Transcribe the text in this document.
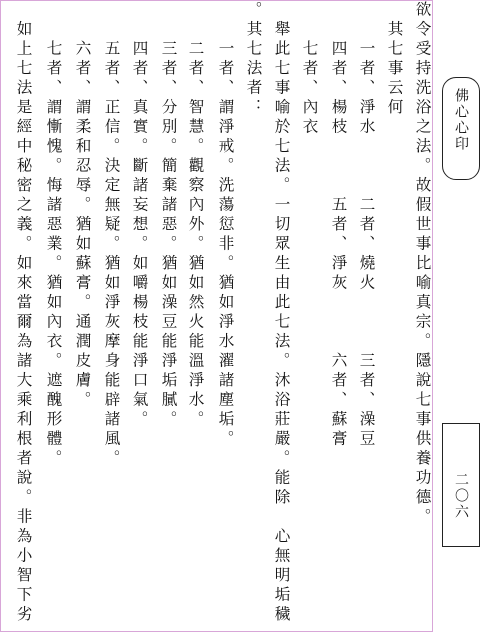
欲令受持洗浴之法。故假世事比喻真宗。隱說七事供養功德。
　其七事云何
　　一者、淨水　　　二者、燒火　　　三者、澡豆
　　四者、楊枝　　　五者、淨灰　　　六者、蘇膏
　　七者、內衣
　舉此七事喻於七法。一切眾生由此七法。沐浴莊嚴。能除　心無明垢穢
。其七法者：
　　一者、謂淨戒。洗蕩愆非。猶如淨水濯諸塵垢。
　　二者、智慧。觀察內外。猶如然火能溫淨水。
　　三者、分別。簡棄諸惡。猶如澡豆能淨垢膩。
　　四者、真實。斷諸妄想。如嚼楊枝能淨口氣。
　　五者、正信。決定無疑。猶如淨灰摩身能辟諸風。
　　六者、謂柔和忍辱。猶如蘇膏。通潤皮膚。
　　七者、謂慚愧。悔諸惡業。猶如內衣。遮醜形體。
　如上七法是經中秘密之義。如來當爾為諸大乘利根者說。非為小智下劣	佛心心印
二〇六
